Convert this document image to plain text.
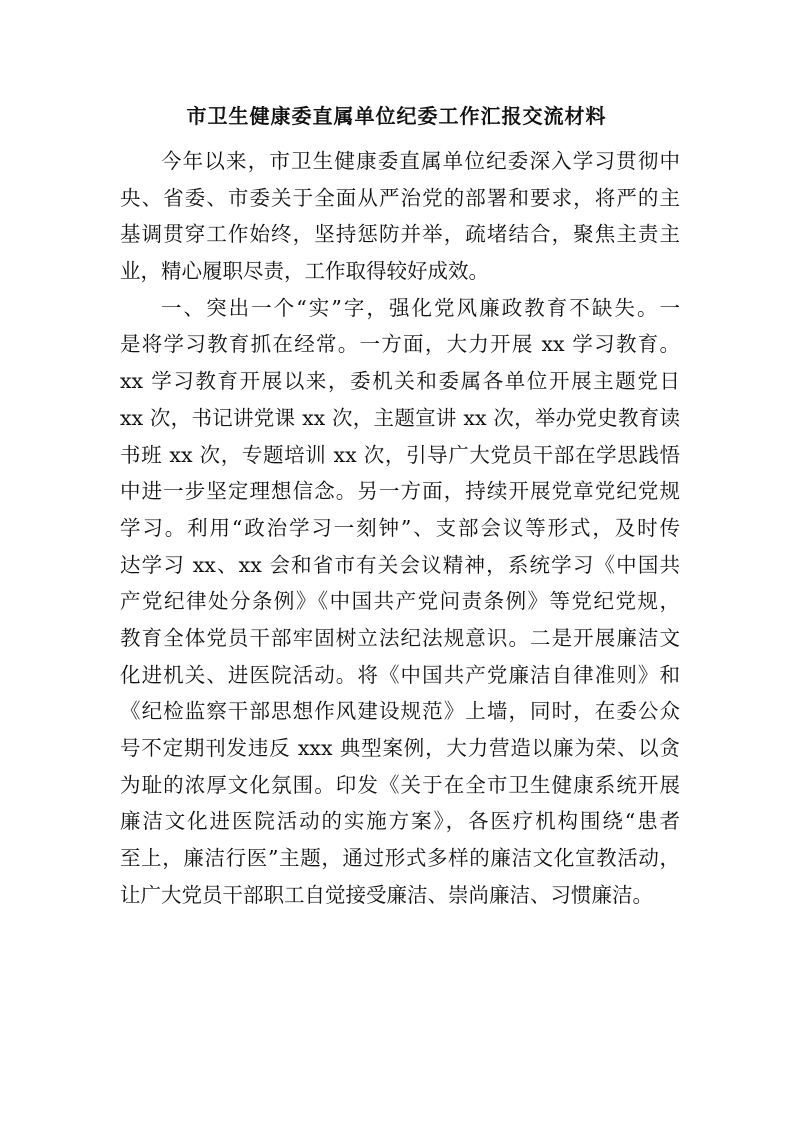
市卫生健康委直属单位纪委工作汇报交流材料
今年以来，市卫生健康委直属单位纪委深入学习贯彻中
央、省委、市委关于全面从严治党的部署和要求，将严的主
基调贯穿工作始终，坚持惩防并举，疏堵结合，聚焦主责主
业，精心履职尽责，工作取得较好成效。
一、突出一个“实”字，强化党风廉政教育不缺失。一
是将学习教育抓在经常。一方面，大力开展 xx 学习教育。
xx 学习教育开展以来，委机关和委属各单位开展主题党日
xx 次，书记讲党课 xx 次，主题宣讲 xx 次，举办党史教育读
书班 xx 次，专题培训 xx 次，引导广大党员干部在学思践悟
中进一步坚定理想信念。另一方面，持续开展党章党纪党规
学习。利用“政治学习一刻钟”、支部会议等形式，及时传
达学习 xx、xx 会和省市有关会议精神，系统学习《中国共
产党纪律处分条例》《中国共产党问责条例》等党纪党规，
教育全体党员干部牢固树立法纪法规意识。二是开展廉洁文
化进机关、进医院活动。将《中国共产党廉洁自律准则》和
《纪检监察干部思想作风建设规范》上墙，同时，在委公众
号不定期刊发违反 xxx 典型案例，大力营造以廉为荣、以贪
为耻的浓厚文化氛围。印发《关于在全市卫生健康系统开展
廉洁文化进医院活动的实施方案》，各医疗机构围绕“患者
至上，廉洁行医”主题，通过形式多样的廉洁文化宣教活动，
让广大党员干部职工自觉接受廉洁、崇尚廉洁、习惯廉洁。
